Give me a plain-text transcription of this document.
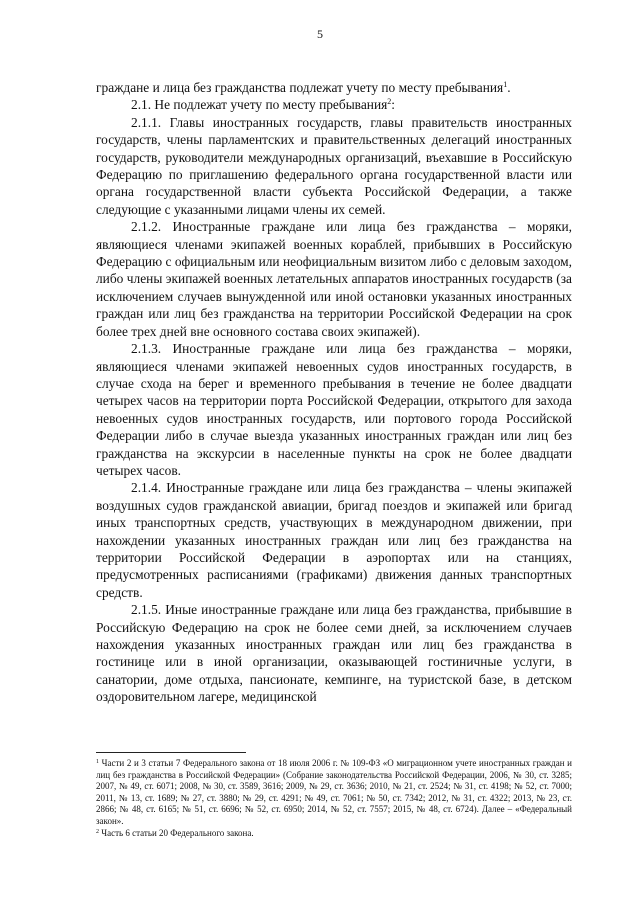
5

граждане и лица без гражданства подлежат учету по месту пребывания$^1$.

2.1. Не подлежат учету по месту пребывания$^2$:

2.1.1. Главы иностранных государств, главы правительств иностранных государств, члены парламентских и правительственных делегаций иностранных государств, руководители международных организаций, въехавшие в Российскую Федерацию по приглашению федерального органа государственной власти или органа государственной власти субъекта Российской Федерации, а также следующие с указанными лицами члены их семей.

2.1.2. Иностранные граждане или лица без гражданства – моряки, являющиеся членами экипажей военных кораблей, прибывших в Российскую Федерацию с официальным или неофициальным визитом либо с деловым заходом, либо члены экипажей военных летательных аппаратов иностранных государств (за исключением случаев вынужденной или иной остановки указанных иностранных граждан или лиц без гражданства на территории Российской Федерации на срок более трех дней вне основного состава своих экипажей).

2.1.3. Иностранные граждане или лица без гражданства – моряки, являющиеся членами экипажей невоенных судов иностранных государств, в случае схода на берег и временного пребывания в течение не более двадцати четырех часов на территории порта Российской Федерации, открытого для захода невоенных судов иностранных государств, или портового города Российской Федерации либо в случае выезда указанных иностранных граждан или лиц без гражданства на экскурсии в населенные пункты на срок не более двадцати четырех часов.

2.1.4. Иностранные граждане или лица без гражданства – члены экипажей воздушных судов гражданской авиации, бригад поездов и экипажей или бригад иных транспортных средств, участвующих в международном движении, при нахождении указанных иностранных граждан или лиц без гражданства на территории Российской Федерации в аэропортах или на станциях, предусмотренных расписаниями (графиками) движения данных транспортных средств.

2.1.5. Иные иностранные граждане или лица без гражданства, прибывшие в Российскую Федерацию на срок не более семи дней, за исключением случаев нахождения указанных иностранных граждан или лиц без гражданства в гостинице или в иной организации, оказывающей гостиничные услуги, в санатории, доме отдыха, пансионате, кемпинге, на туристской базе, в детском оздоровительном лагере, медицинской

$^1$ Части 2 и 3 статьи 7 Федерального закона от 18 июля 2006 г. № 109-ФЗ «О миграционном учете иностранных граждан и лиц без гражданства в Российской Федерации» (Собрание законодательства Российской Федерации, 2006, № 30, ст. 3285; 2007, № 49, ст. 6071; 2008, № 30, ст. 3589, 3616; 2009, № 29, ст. 3636; 2010, № 21, ст. 2524; № 31, ст. 4198; № 52, ст. 7000; 2011, № 13, ст. 1689; № 27, ст. 3880; № 29, ст. 4291; № 49, ст. 7061; № 50, ст. 7342; 2012, № 31, ст. 4322; 2013, № 23, ст. 2866; № 48, ст. 6165; № 51, ст. 6696; № 52, ст. 6950; 2014, № 52, ст. 7557; 2015, № 48, ст. 6724). Далее – «Федеральный закон».

$^2$ Часть 6 статьи 20 Федерального закона.
